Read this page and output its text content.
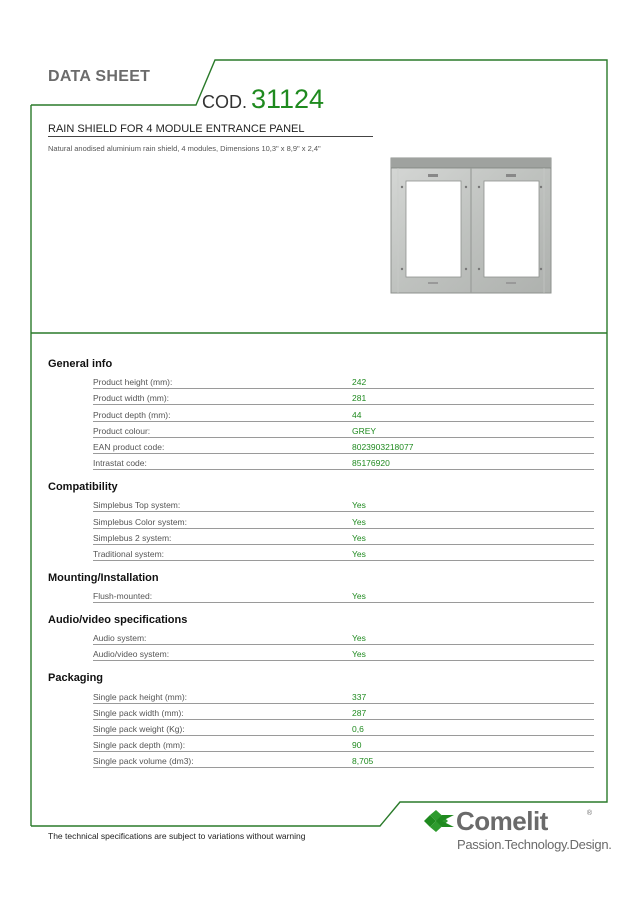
DATA SHEET
COD. 31124
RAIN SHIELD FOR 4 MODULE ENTRANCE PANEL
Natural anodised aluminium rain shield, 4 modules, Dimensions 10,3" x 8,9" x 2,4"
General info
Product height (mm):	242
Product width (mm):	281
Product depth (mm):	44
Product colour:	GREY
EAN product code:	8023903218077
Intrastat code:	85176920
Compatibility
Simplebus Top system:	Yes
Simplebus Color system:	Yes
Simplebus 2 system:	Yes
Traditional system:	Yes
Mounting/Installation
Flush-mounted:	Yes
Audio/video specifications
Audio system:	Yes
Audio/video system:	Yes
Packaging
Single pack height (mm):	337
Single pack width (mm):	287
Single pack weight (Kg):	0,6
Single pack depth (mm):	90
Single pack volume (dm3):	8,705
The technical specifications are subject to variations without warning	Comelit	®
Passion.Technology.Design.
